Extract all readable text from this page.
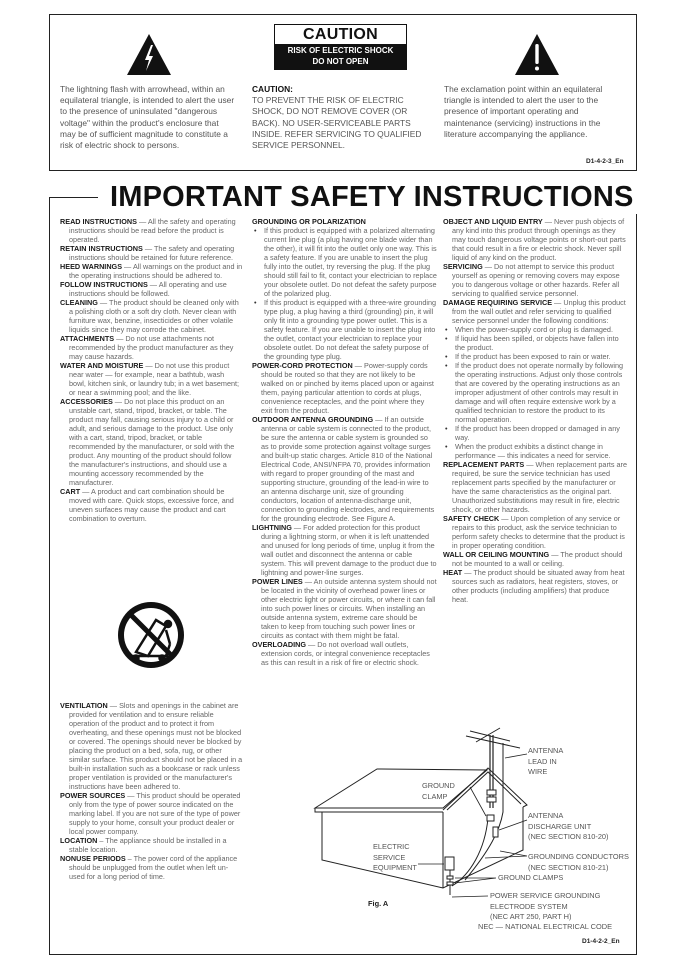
CAUTION
RISK OF ELECTRIC SHOCK
DO NOT OPEN
The lightning flash with arrowhead, within an equilateral triangle, is intended to alert the user to the presence of uninsulated "dangerous voltage" within the product's enclosure that may be of sufficient magnitude to constitute a risk of electric shock to persons.
CAUTION:
TO PREVENT THE RISK OF ELECTRIC SHOCK, DO NOT REMOVE COVER (OR BACK). NO USER-SERVICEABLE PARTS INSIDE. REFER SERVICING TO QUALIFIED SERVICE PERSONNEL.
The exclamation point within an equilateral triangle is intended to alert the user to the presence of important operating and maintenance (servicing) instructions in the literature accompanying the appliance.
D1-4-2-3_En
IMPORTANT SAFETY INSTRUCTIONS

READ INSTRUCTIONS — All the safety and operating instructions should be read before the product is operated.

RETAIN INSTRUCTIONS — The safety and operating instructions should be retained for future reference.

HEED WARNINGS — All warnings on the product and in the operating instructions should be adhered to.

FOLLOW INSTRUCTIONS — All operating and use instructions should be followed.

CLEANING — The product should be cleaned only with a polishing cloth or a soft dry cloth. Never clean with furniture wax, benzine, insecticides or other volatile liquids since they may corrode the cabinet.

ATTACHMENTS — Do not use attachments not recommended by the product manufacturer as they may cause hazards.

WATER AND MOISTURE — Do not use this product near water — for example, near a bathtub, wash bowl, kitchen sink, or laundry tub; in a wet basement; or near a swimming pool; and the like.

ACCESSORIES — Do not place this product on an unstable cart, stand, tripod, bracket, or table. The product may fall, causing serious injury to a child or adult, and serious damage to the product. Use only with a cart, stand, tripod, bracket, or table recommended by the manufacturer, or sold with the product. Any mounting of the product should follow the manufacturer's instructions, and should use a mounting accessory recommended by the manufacturer.

CART — A product and cart combination should be moved with care. Quick stops, excessive force, and uneven surfaces may cause the product and cart combination to overturn.

VENTILATION — Slots and openings in the cabinet are provided for ventilation and to ensure reliable operation of the product and to protect it from overheating, and these openings must not be blocked or covered. The openings should never be blocked by placing the product on a bed, sofa, rug, or other similar surface. This product should not be placed in a built-in installation such as a bookcase or rack unless proper ventilation is provided or the manufacturer's instructions have been adhered to.

POWER SOURCES — This product should be operated only from the type of power source indicated on the marking label. If you are not sure of the type of power supply to your home, consult your product dealer or local power company.

LOCATION – The appliance should be installed in a stable location.

NONUSE PERIODS – The power cord of the appliance should be unplugged from the outlet when left un-used for a long period of time.

GROUNDING OR POLARIZATION

• If this product is equipped with a polarized alternating current line plug (a plug having one blade wider than the other), it will fit into the outlet only one way. This is a safety feature. If you are unable to insert the plug fully into the outlet, try reversing the plug. If the plug should still fail to fit, contact your electrician to replace your obsolete outlet. Do not defeat the safety purpose of the polarized plug.

• If this product is equipped with a three-wire grounding type plug, a plug having a third (grounding) pin, it will only fit into a grounding type power outlet. This is a safety feature. If you are unable to insert the plug into the outlet, contact your electrician to replace your obsolete outlet. Do not defeat the safety purpose of the grounding type plug.

POWER-CORD PROTECTION — Power-supply cords should be routed so that they are not likely to be walked on or pinched by items placed upon or against them, paying particular attention to cords at plugs, convenience receptacles, and the point where they exit from the product.

OUTDOOR ANTENNA GROUNDING — If an outside antenna or cable system is connected to the product, be sure the antenna or cable system is grounded so as to provide some protection against voltage surges and built-up static charges. Article 810 of the National Electrical Code, ANSI/NFPA 70, provides information with regard to proper grounding of the mast and supporting structure, grounding of the lead-in wire to an antenna discharge unit, size of grounding conductors, location of antenna-discharge unit, connection to grounding electrodes, and requirements for the grounding electrode. See Figure A.

LIGHTNING — For added protection for this product during a lightning storm, or when it is left unattended and unused for long periods of time, unplug it from the wall outlet and disconnect the antenna or cable system. This will prevent damage to the product due to lightning and power-line surges.

POWER LINES — An outside antenna system should not be located in the vicinity of overhead power lines or other electric light or power circuits, or where it can fall into such power lines or circuits. When installing an outside antenna system, extreme care should be taken to keep from touching such power lines or circuits as contact with them might be fatal.

OVERLOADING — Do not overload wall outlets, extension cords, or integral convenience receptacles as this can result in a risk of fire or electric shock.

OBJECT AND LIQUID ENTRY — Never push objects of any kind into this product through openings as they may touch dangerous voltage points or short-out parts that could result in a fire or electric shock. Never spill liquid of any kind on the product.

SERVICING — Do not attempt to service this product yourself as opening or removing covers may expose you to dangerous voltage or other hazards. Refer all servicing to qualified service personnel.

DAMAGE REQUIRING SERVICE — Unplug this product from the wall outlet and refer servicing to qualified service personnel under the following conditions:

• When the power-supply cord or plug is damaged.

• If liquid has been spilled, or objects have fallen into the product.

• If the product has been exposed to rain or water.

• If the product does not operate normally by following the operating instructions. Adjust only those controls that are covered by the operating instructions as an improper adjustment of other controls may result in damage and will often require extensive work by a qualified technician to restore the product to its normal operation.

• If the product has been dropped or damaged in any way.

• When the product exhibits a distinct change in performance — this indicates a need for service.

REPLACEMENT PARTS — When replacement parts are required, be sure the service technician has used replacement parts specified by the manufacturer or have the same characteristics as the original part. Unauthorized substitutions may result in fire, electric shock, or other hazards.

SAFETY CHECK — Upon completion of any service or repairs to this product, ask the service technician to perform safety checks to determine that the product is in proper operating condition.

WALL OR CEILING MOUNTING — The product should not be mounted to a wall or ceiling.

HEAT — The product should be situated away from heat sources such as radiators, heat registers, stoves, or other products (including amplifiers) that produce heat.

ANTENNA
LEAD IN
WIRE
GROUND
CLAMP
ANTENNA
DISCHARGE UNIT
(NEC SECTION 810-20)
ELECTRIC
SERVICE
EQUIPMENT
GROUNDING CONDUCTORS
(NEC SECTION 810-21)
GROUND CLAMPS
POWER SERVICE GROUNDING
ELECTRODE SYSTEM
(NEC ART 250, PART H)
Fig. A
NEC — NATIONAL ELECTRICAL CODE
D1-4-2-2_En
